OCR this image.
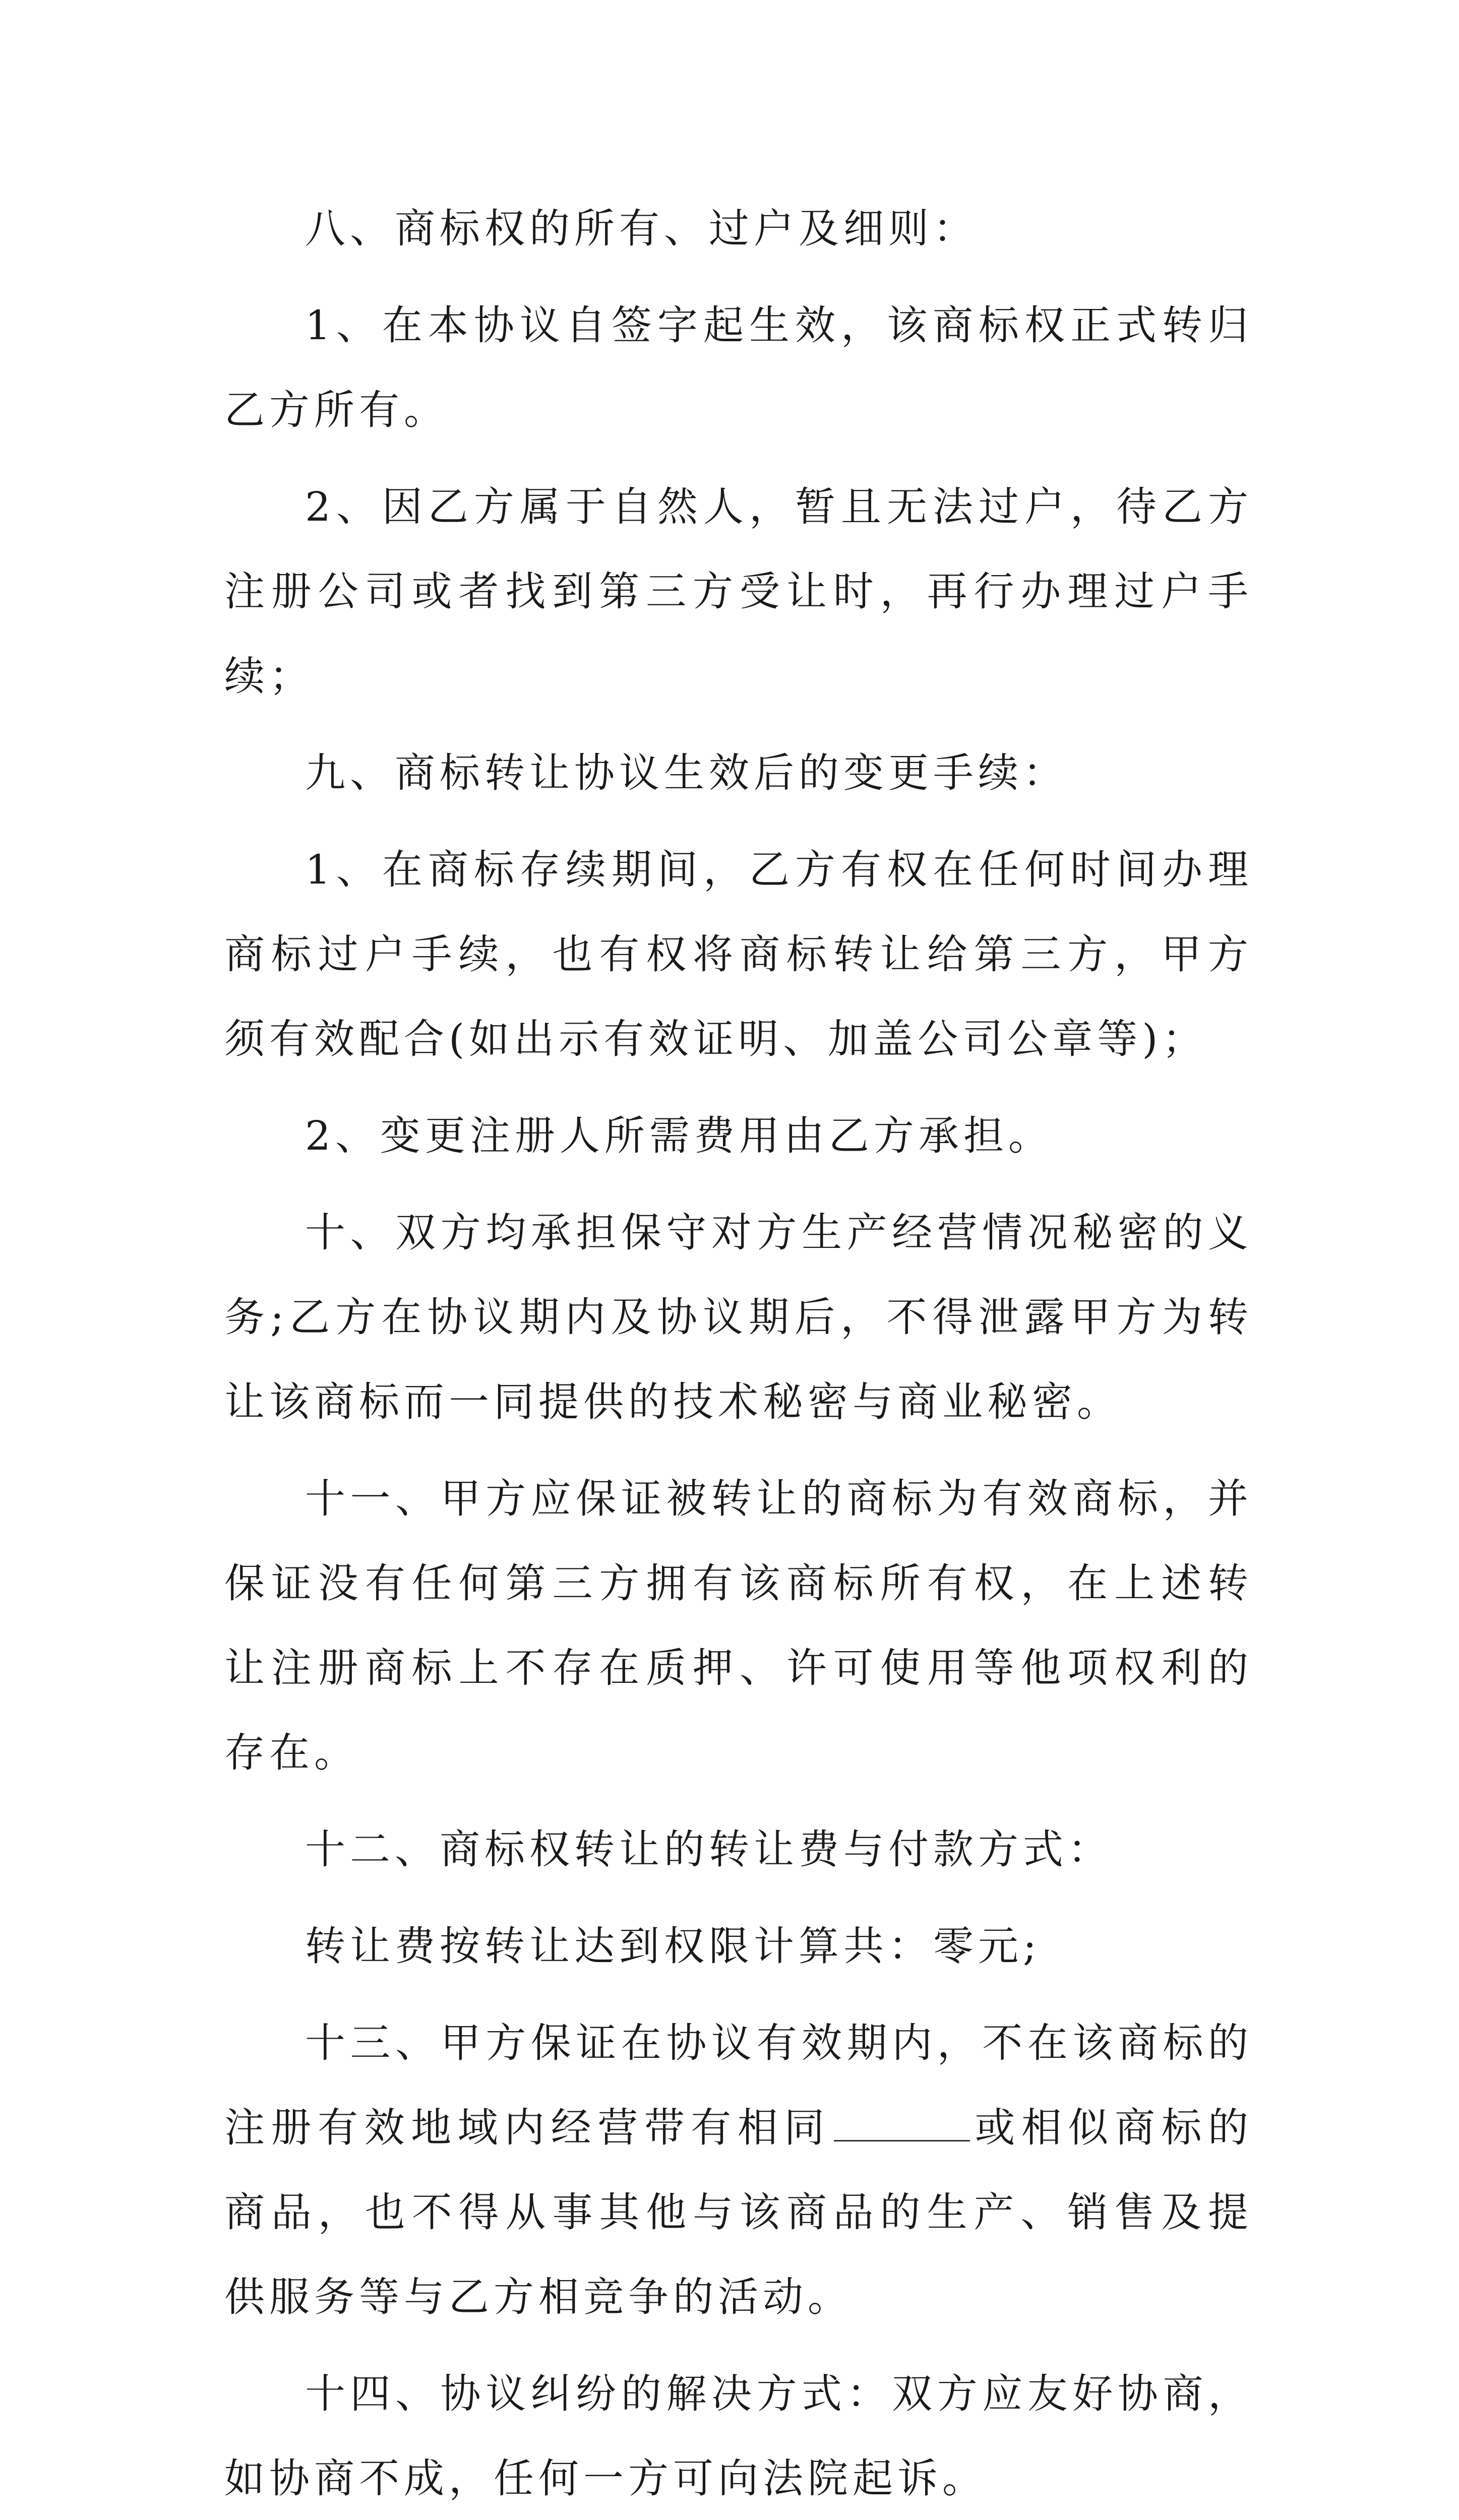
八、商标权的所有、过户及细则：

1、在本协议自签字起生效，该商标权正式转归乙方所有。

2、因乙方属于自然人，暂且无法过户，待乙方注册公司或者找到第三方受让时，再行办理过户手续；

九、商标转让协议生效后的变更手续：

1、在商标存续期间，乙方有权在任何时间办理商标过户手续，也有权将商标转让给第三方，甲方须有效配合(如出示有效证明、加盖公司公章等)；

2、变更注册人所需费用由乙方承担。

十、双方均承担保守对方生产经营情况秘密的义务;乙方在协议期内及协议期后，不得泄露甲方为转让该商标而一同提供的技术秘密与商业秘密。

十一、甲方应保证被转让的商标为有效商标，并保证没有任何第三方拥有该商标所有权，在上述转让注册商标上不存在质押、许可使用等他项权利的存在。

十二、商标权转让的转让费与付款方式：

转让费按转让达到权限计算共：零元;

十三、甲方保证在协议有效期内，不在该商标的注册有效地域内经营带有相同	或相似商标的商品，也不得从事其他与该商品的生产、销售及提供服务等与乙方相竞争的活动。

十四、协议纠纷的解决方式：双方应友好协商，如协商不成，任何一方可向法院起诉。
